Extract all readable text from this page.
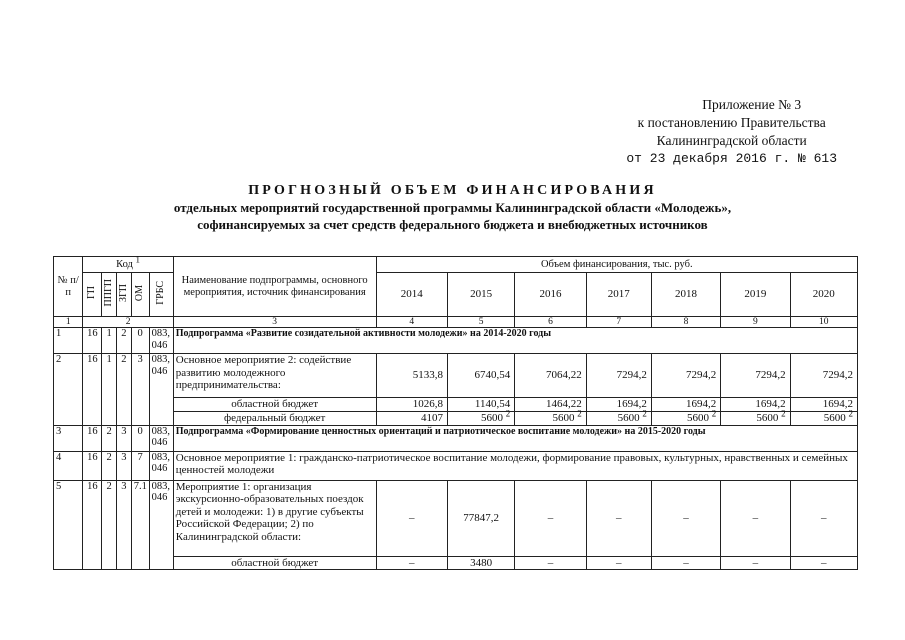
Приложение № 3
к постановлению Правительства
Калининградской области
от 23 декабря 2016 г. № 613
ПРОГНОЗНЫЙ ОБЪЕМ ФИНАНСИРОВАНИЯ
отдельных мероприятий государственной программы Калининградской области «Молодежь»,
софинансируемых за счет средств федерального бюджета и внебюджетных источников
№ п/п	Код 1					Наименование подпрограммы, основного мероприятия, источник финансирования	Объем финансирования, тыс. руб.						
	ГП	ППГП	ЗГП	ОМ	ГРБС		2014	2015	2016	2017	2018	2019	2020
1	2					3	4	5	6	7	8	9	10
1	16	1	2	0	083, 046	Подпрограмма «Развитие созидательной активности молодежи» на 2014-2020 годы							
2	16	1	2	3	083, 046	Основное мероприятие 2: содействие развитию молодежного предпринимательства:	5133,8	6740,54	7064,22	7294,2	7294,2	7294,2	7294,2
						областной бюджет	1026,8	1140,54	1464,22	1694,2	1694,2	1694,2	1694,2
						федеральный бюджет	4107	5600 $^2$	5600 $^2$	5600 $^2$	5600 $^2$	5600 $^2$	5600 $^2$
3	16	2	3	0	083, 046	Подпрограмма «Формирование ценностных ориентаций и патриотическое воспитание молодежи» на 2015-2020 годы							
4	16	2	3	7	083, 046	Основное мероприятие 1: гражданско-патриотическое воспитание молодежи, формирование правовых, культурных, нравственных и семейных ценностей молодежи							
5	16	2	3	7.1	083, 046	Мероприятие 1: организация экскурсионно-образовательных поездок детей и молодежи: 1) в другие субъекты Российской Федерации; 2) по Калининградской области:	–	77847,2	–	–	–	–	–
						областной бюджет	–	3480	–	–	–	–	–
